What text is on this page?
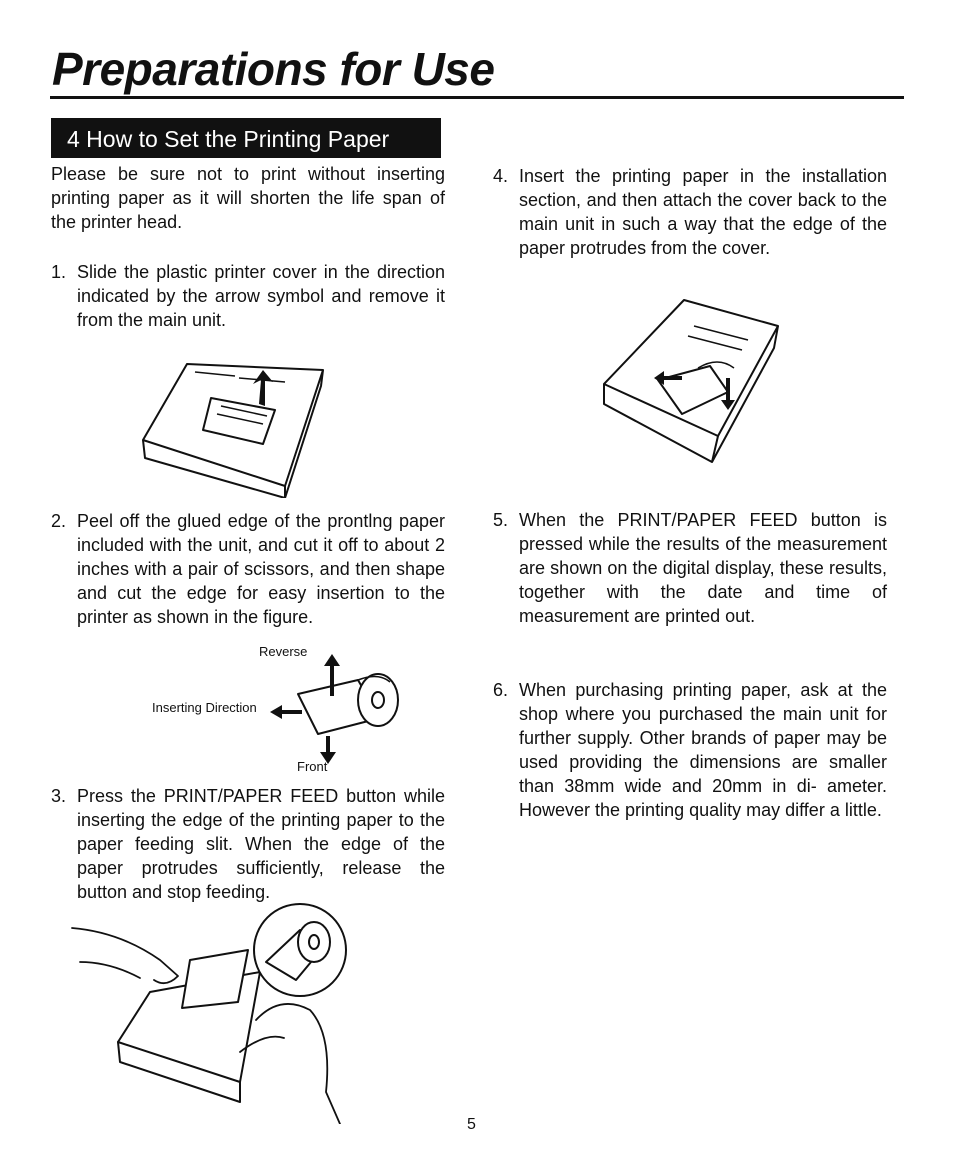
Preparations for Use
4 How to Set the Printing Paper

Please be sure not to print without inserting printing paper as it will shorten the life span of the printer head.

1. Slide the plastic printer cover in the direction indicated by the arrow symbol and remove it from the main unit.

2. Peel off the glued edge of the prontlng paper included with the unit, and cut it off to about 2 inches with a pair of scissors, and then shape and cut the edge for easy insertion to the printer as shown in the figure.

3. Press the PRINT/PAPER FEED button while inserting the edge of the printing paper to the paper feeding slit. When the edge of the paper protrudes sufficiently, release the button and stop feeding.

4. Insert the printing paper in the installation section, and then attach the cover back to the main unit in such a way that the edge of the paper protrudes from the cover.

5. When the PRINT/PAPER FEED button is pressed while the results of the measurement are shown on the digital display, these results, together with the date and time of measurement are printed out.

6. When purchasing printing paper, ask at the shop where you purchased the main unit for further supply. Other brands of paper may be used providing the dimensions are smaller than 38mm wide and 20mm in di- ameter. However the printing quality may differ a little.

Reverse
Inserting Direction
Front
5
